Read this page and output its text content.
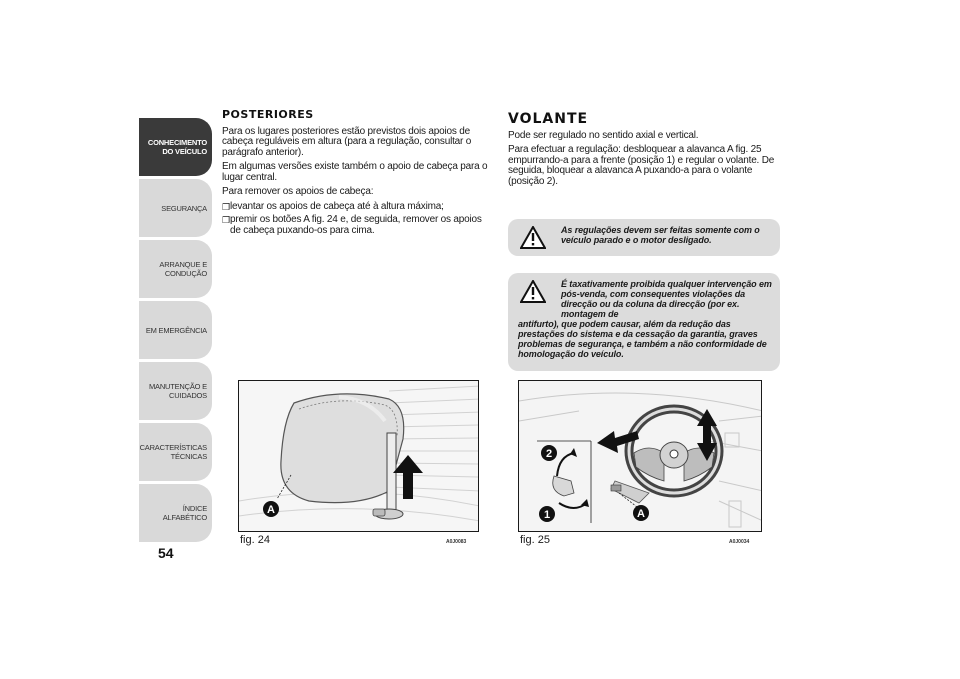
CONHECIMENTO
DO VEÍCULO
SEGURANÇA
ARRANQUE E
CONDUÇÃO
EM EMERGÊNCIA
MANUTENÇÃO E
CUIDADOS
CARACTERÍSTICAS
TÉCNICAS
ÍNDICE ALFABÉTICO
54
POSTERIORES

Para os lugares posteriores estão previstos dois apoios de cabeça reguláveis em altura (para a regulação, consultar o parágrafo anterior).

Em algumas versões existe também o apoio de cabeça para o lugar central.

Para remover os apoios de cabeça:

❒ levantar os apoios de cabeça até à altura máxima;
❒ premir os botões A fig. 24 e, de seguida, remover os apoios de cabeça puxando-os para cima.
VOLANTE

Pode ser regulado no sentido axial e vertical.

Para efectuar a regulação: desbloquear a alavanca A fig. 25 empurrando-a para a frente (posição 1) e regular o volante. De seguida, bloquear a alavanca A puxando-a para o volante (posição 2).

As regulações devem ser feitas somente com o veículo parado e o motor desligado.
É taxativamente proibida qualquer intervenção em pós-venda, com consequentes violações da direcção ou da coluna da direcção (por ex. montagem de
antifurto), que podem causar, além da redução das prestações do sistema e da cessação da garantia, graves problemas de segurança, e também a não conformidade de homologação do veículo.
A
fig. 24	A0J0083
2
1	A
fig. 25	A0J0034
